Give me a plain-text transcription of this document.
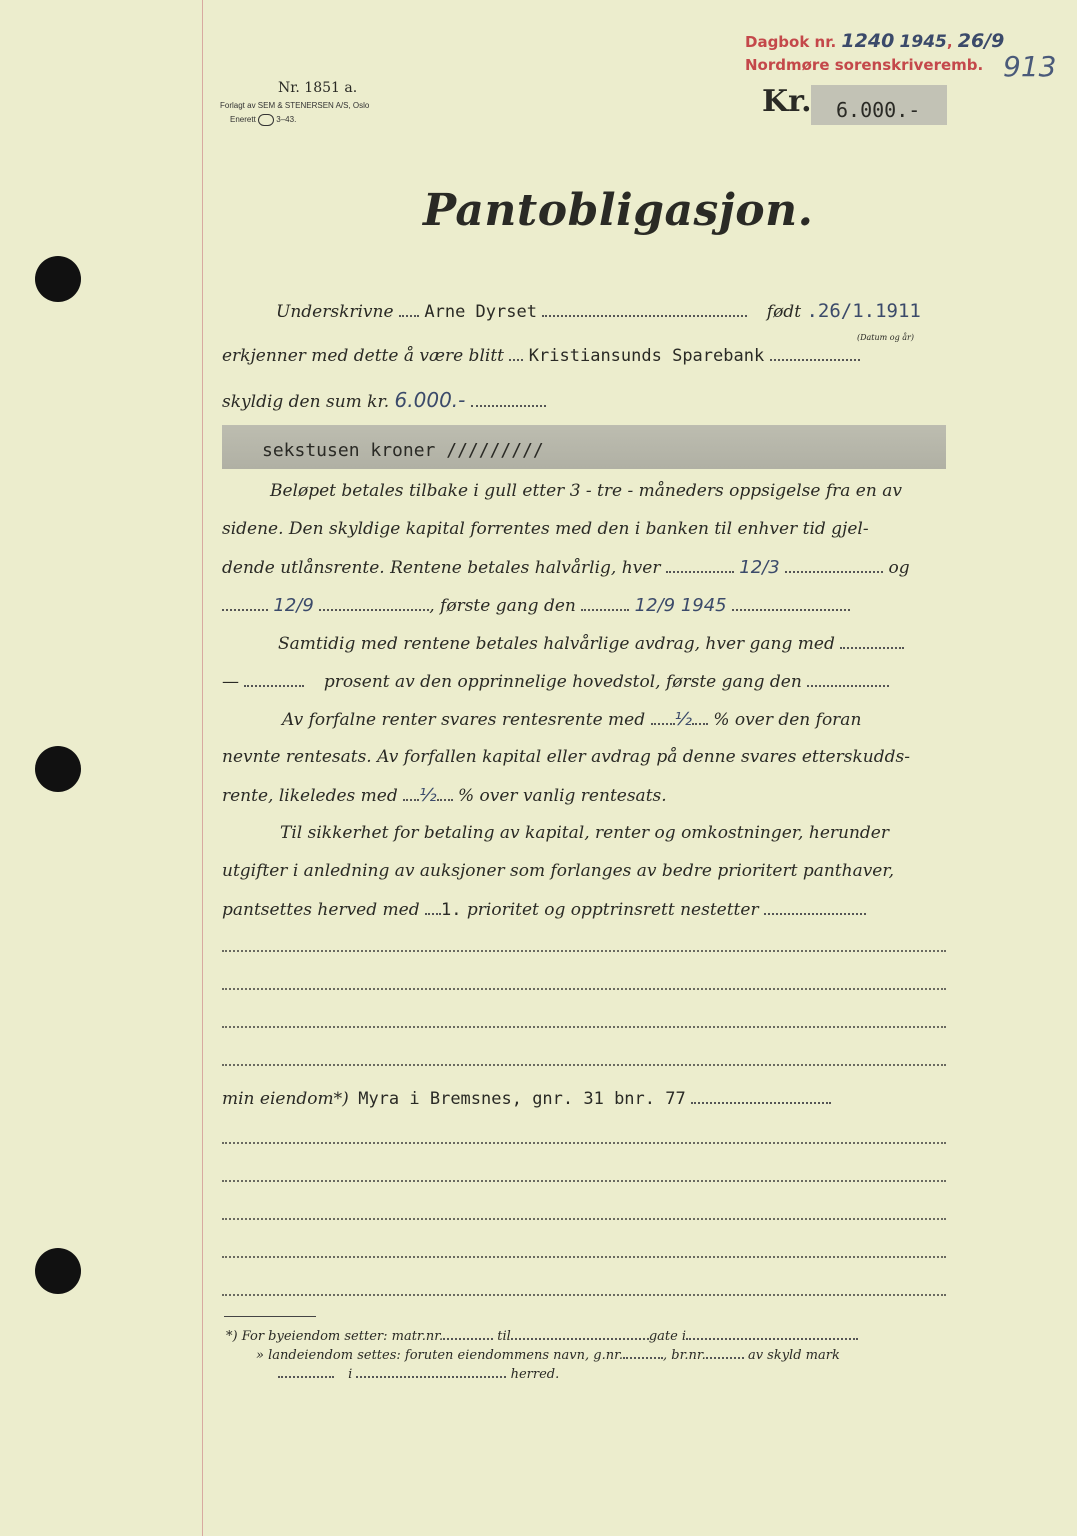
Dagbok nr. 1240 1945, 26/9
Nordmøre sorenskriveremb. 913
Nr. 1851 a.
Forlagt av SEM & STENERSEN A/S, Oslo
Enerett	3–43.
Kr. 6.000.-
Pantobligasjon.
Underskrivne Arne Dyrset	født .26/1.1911
(Datum og år)
erkjenner med dette å være blitt Kristiansunds Sparebank
skyldig den sum kr. 6.000.-
sekstusen kroner /////////
Beløpet betales tilbake i gull etter 3 - tre - måneders oppsigelse fra en av
sidene. Den skyldige kapital forrentes med den i banken til enhver tid gjel-
dende utlånsrente. Rentene betales halvårlig, hver	12/3	og
12/9	, første gang den	12/9 1945
Samtidig med rentene betales halvårlige avdrag, hver gang med
—	prosent av den opprinnelige hovedstol, første gang den
Av forfalne renter svares rentesrente med ½ % over den foran
nevnte rentesats. Av forfallen kapital eller avdrag på denne svares etterskudds-
rente, likeledes med ½ % over vanlig rentesats.
Til sikkerhet for betaling av kapital, renter og omkostninger, herunder
utgifter i anledning av auksjoner som forlanges av bedre prioritert panthaver,
pantsettes herved med 1. prioritet og opptrinsrett nestetter
min eiendom*) Myra i Bremsnes, gnr. 31 bnr. 77
*) For byeiendom setter: matr.nr.	til	gate i
» landeiendom settes: foruten eiendommens navn, g.nr.	, br.nr.	av skyld mark
i	herred.
